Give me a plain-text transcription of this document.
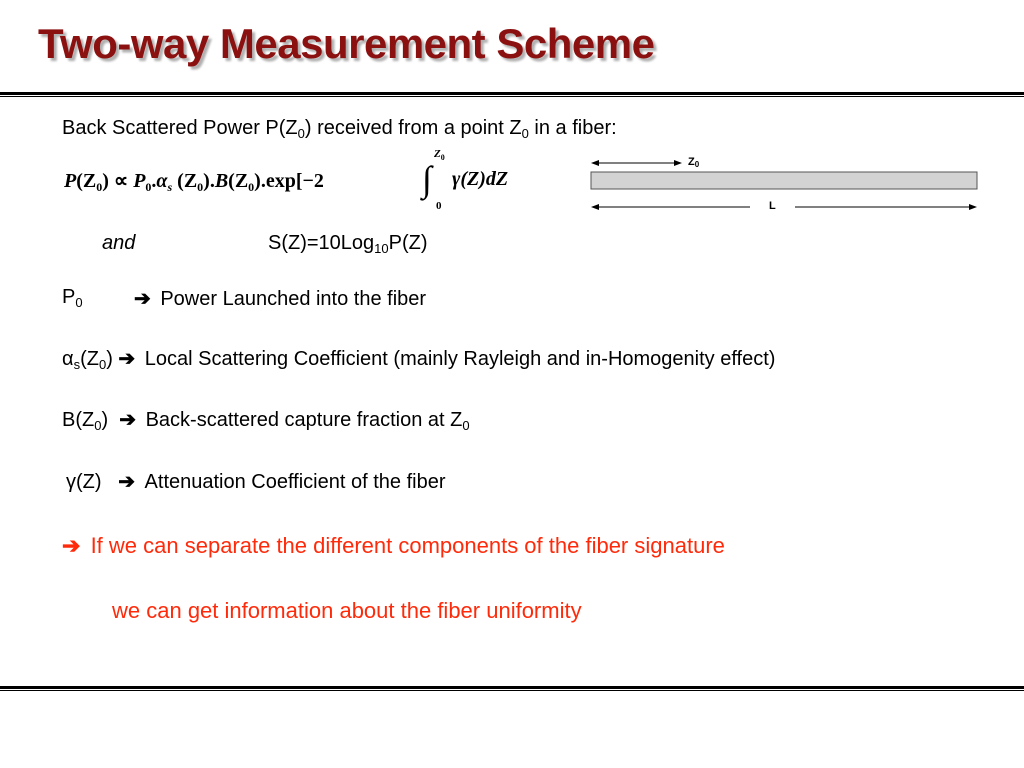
Two-way Measurement Scheme
Back Scattered Power $P(Z_0)$ received from a point $Z_0$ in a fiber:
$P(Z_0) \propto P_0.\alpha_s$ $(Z_0).B(Z_0).\exp[-2$
$Z_0$
∫
0
γ(Z)dZ
$Z_0$
L
and	S(Z)=10Log$_{10}$P(Z)
$P_0$	➔ Power Launched into the fiber
$\alpha_s(Z_0)$ ➔ Local Scattering Coefficient (mainly Rayleigh and in-Homogenity effect)
$B(Z_0)$ ➔ Back-scattered capture fraction at $Z_0$
γ(Z) ➔ Attenuation Coefficient of the fiber
➔ If we can separate the different components of the fiber signature
we can get information about the fiber uniformity
